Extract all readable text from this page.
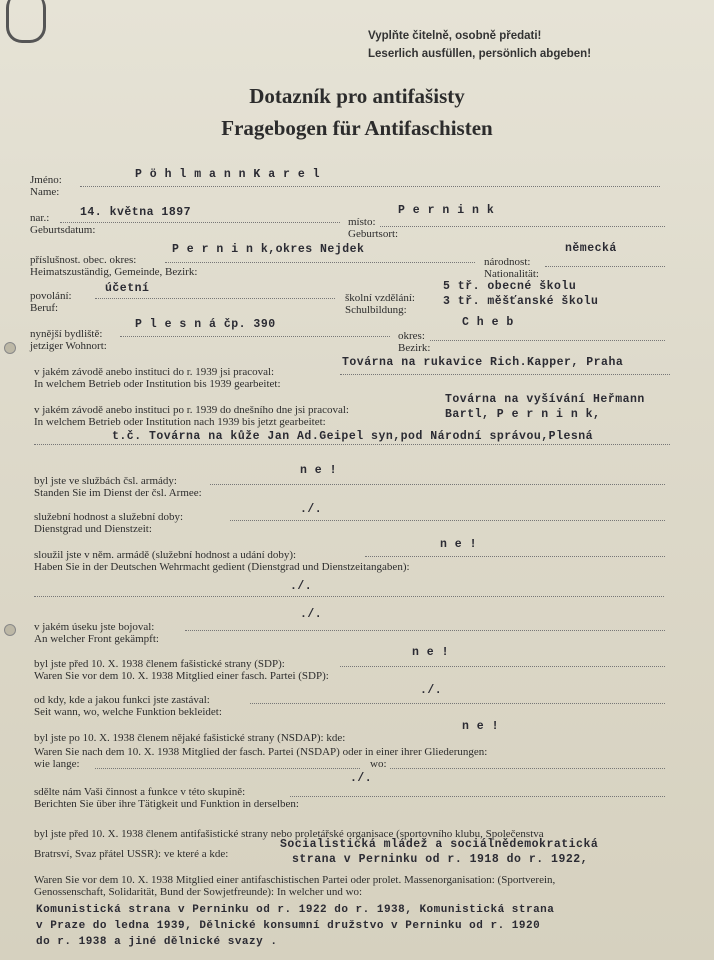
Vyplňte čitelně, osobně předati!
Leserlich ausfüllen, persönlich abgeben!
Dotazník pro antifašisty
Fragebogen für Antifaschisten
Jméno:
Name:
P ö h l m a n n K a r e l
nar.:
Geburtsdatum:
14. května 1897
místo:
Geburtsort:
P e r n i n k
příslušnost. obec. okres:
Heimatszuständig, Gemeinde, Bezirk:
P e r n i n k,okres Nejdek
národnost:
Nationalität:
německá
povolání:
Beruf:
účetní
školní vzdělání:
Schulbildung:
5 tř. obecné školu
3 tř. měšťanské školu
nynější bydliště:
jetziger Wohnort:
P l e s n á čp. 390
okres:
Bezirk:
C h e b
v jakém závodě anebo instituci do r. 1939 jsi pracoval:
In welchem Betrieb oder Institution bis 1939 gearbeitet:
Továrna na rukavice Rich.Kapper, Praha
v jakém závodě anebo instituci po r. 1939 do dnešního dne jsi pracoval:
In welchem Betrieb oder Institution nach 1939 bis jetzt gearbeitet:
Továrna na vyšívání Heřmann
Bartl, P e r n i n k,
t.č. Továrna na kůže Jan Ad.Geipel syn,pod Národní správou,Plesná
byl jste ve službách čsl. armády:
Standen Sie im Dienst der čsl. Armee:
n e !
služební hodnost a služební doby:
Dienstgrad und Dienstzeit:
./.
sloužil jste v něm. armádě (služební hodnost a udání doby):
Haben Sie in der Deutschen Wehrmacht gedient (Dienstgrad und Dienstzeitangaben):
n e !
./.
v jakém úseku jste bojoval:
An welcher Front gekämpft:
./.
byl jste před 10. X. 1938 členem fašistické strany (SDP):
Waren Sie vor dem 10. X. 1938 Mitglied einer fasch. Partei (SDP):
n e !
od kdy, kde a jakou funkci jste zastával:
Seit wann, wo, welche Funktion bekleidet:
./.
byl jste po 10. X. 1938 členem nějaké fašistické strany (NSDAP): kde:
Waren Sie nach dem 10. X. 1938 Mitglied der fasch. Partei (NSDAP) oder in einer ihrer Gliederungen:
wie lange:	wo:
n e !
sdělte nám Vaši činnost a funkce v této skupině:
Berichten Sie über ihre Tätigkeit und Funktion in derselben:
./.
byl jste před 10. X. 1938 členem antifašistické strany nebo proletářské organisace (sportovního klubu, Společenstva
Bratrsví, Svaz přátel USSR): ve které a kde:
Socialistická mládež a sociálnědemokratická
strana v Perninku od r. 1918 do r. 1922,
Waren Sie vor dem 10. X. 1938 Mitglied einer antifaschistischen Partei oder prolet. Massenorganisation: (Sportverein,
Genossenschaft, Solidarität, Bund der Sowjetfreunde): In welcher und wo:
Komunistická strana v Perninku od r. 1922 do r. 1938, Komunistická strana
v Praze do ledna 1939, Dělnické konsumní družstvo v Perninku od r. 1920
do r. 1938 a jiné dělnické svazy .
